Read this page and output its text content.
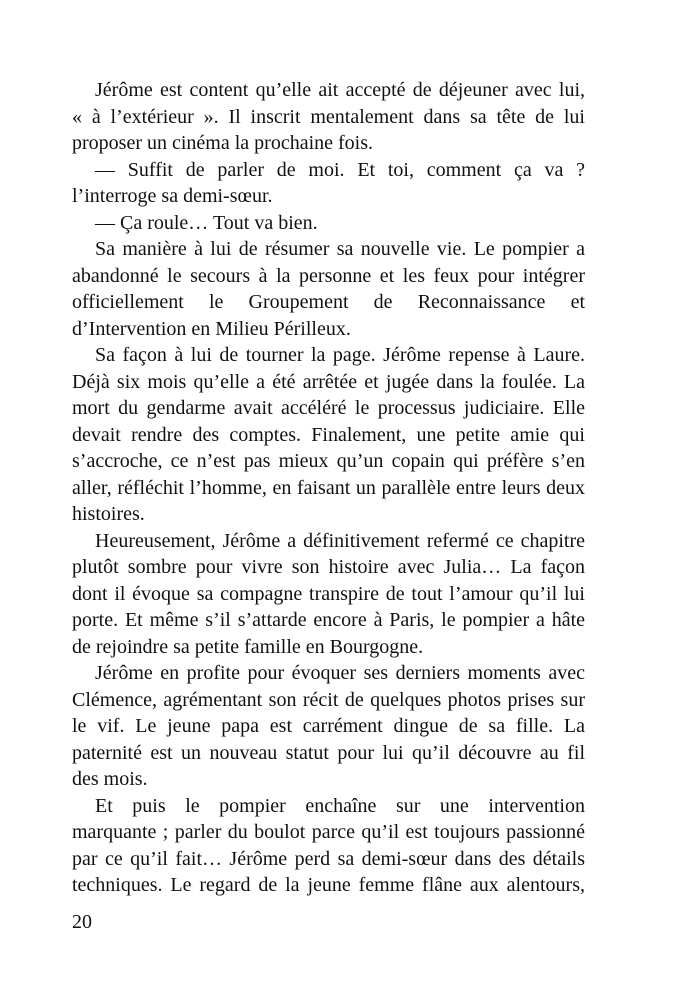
Jérôme est content qu’elle ait accepté de déjeuner avec lui,
« à l’extérieur ». Il inscrit mentalement dans sa tête de lui
proposer un cinéma la prochaine fois.
— Suffit de parler de moi. Et toi, comment ça va ?
l’interroge sa demi-sœur.
— Ça roule… Tout va bien.
Sa manière à lui de résumer sa nouvelle vie. Le pompier a
abandonné le secours à la personne et les feux pour intégrer
officiellement le Groupement de Reconnaissance et
d’Intervention en Milieu Périlleux.
Sa façon à lui de tourner la page. Jérôme repense à Laure.
Déjà six mois qu’elle a été arrêtée et jugée dans la foulée. La
mort du gendarme avait accéléré le processus judiciaire. Elle
devait rendre des comptes. Finalement, une petite amie qui
s’accroche, ce n’est pas mieux qu’un copain qui préfère s’en
aller, réfléchit l’homme, en faisant un parallèle entre leurs deux
histoires.
Heureusement, Jérôme a définitivement refermé ce chapitre
plutôt sombre pour vivre son histoire avec Julia… La façon
dont il évoque sa compagne transpire de tout l’amour qu’il lui
porte. Et même s’il s’attarde encore à Paris, le pompier a hâte
de rejoindre sa petite famille en Bourgogne.
Jérôme en profite pour évoquer ses derniers moments avec
Clémence, agrémentant son récit de quelques photos prises sur
le vif. Le jeune papa est carrément dingue de sa fille. La
paternité est un nouveau statut pour lui qu’il découvre au fil
des mois.
Et puis le pompier enchaîne sur une intervention
marquante ; parler du boulot parce qu’il est toujours passionné
par ce qu’il fait… Jérôme perd sa demi-sœur dans des détails
techniques. Le regard de la jeune femme flâne aux alentours,
20
